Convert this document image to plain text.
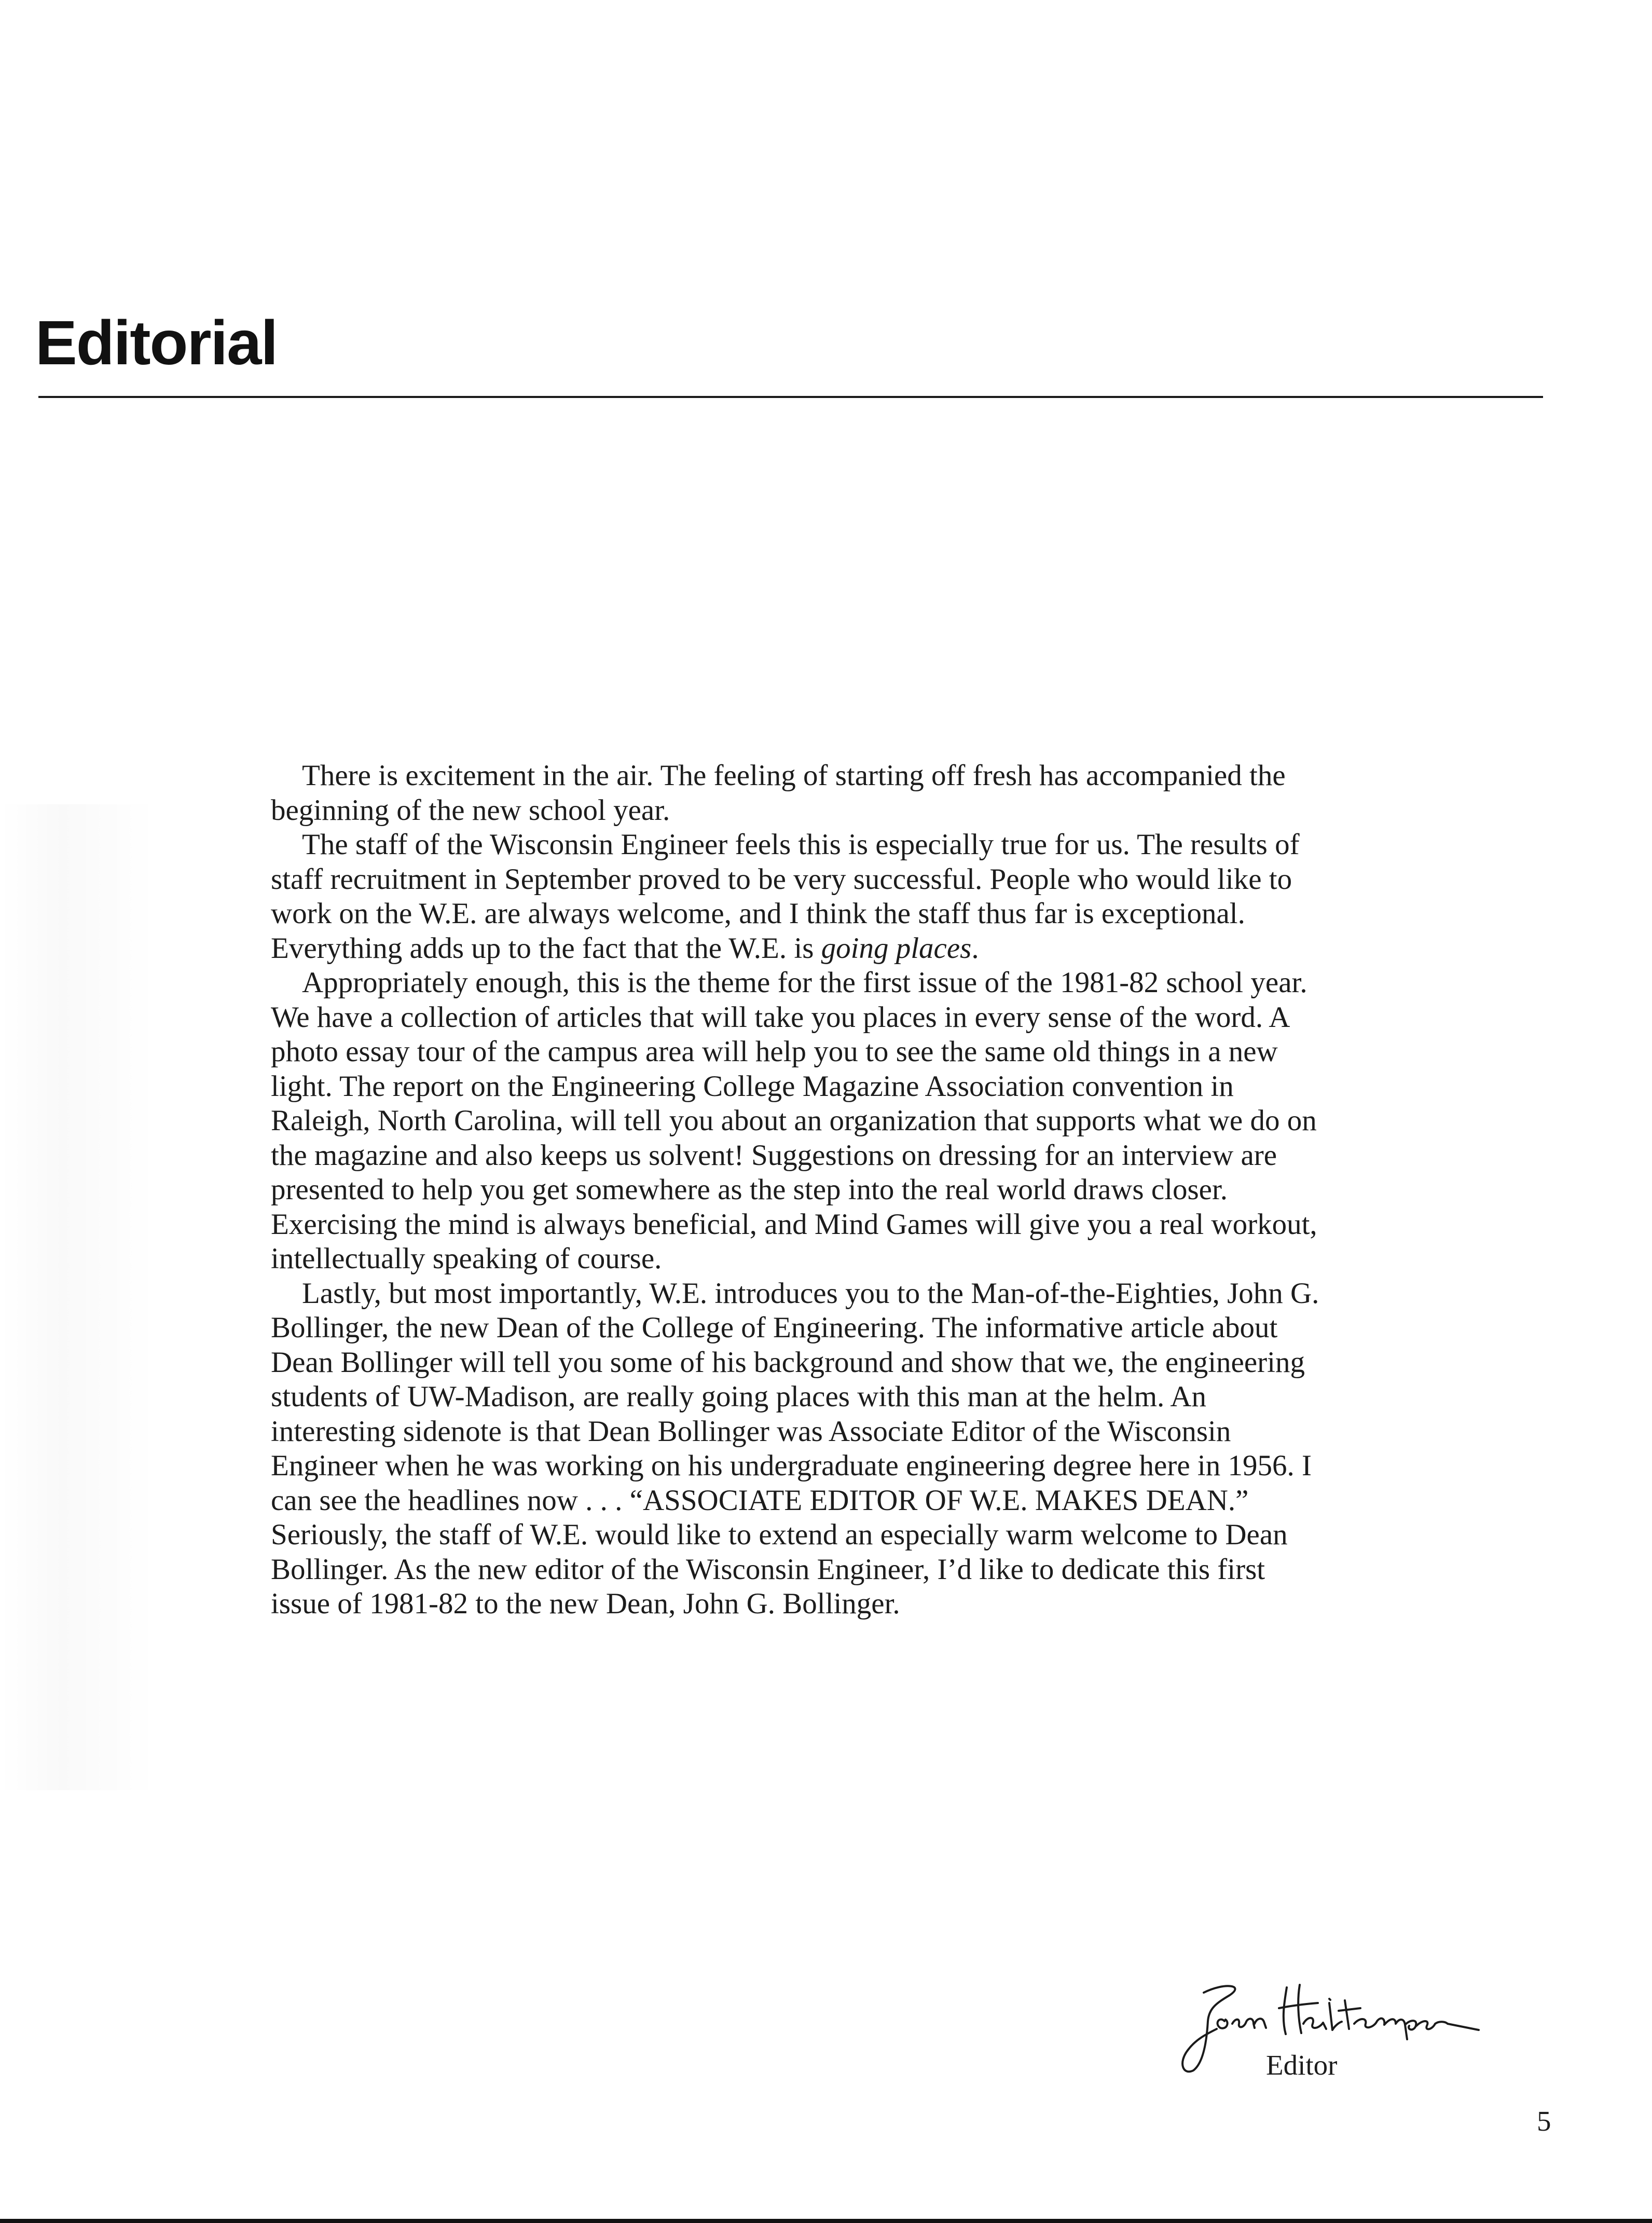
Editorial

There is excitement in the air. The feeling of starting off fresh has accompanied the beginning of the new school year.

The staff of the Wisconsin Engineer feels this is especially true for us. The results of staff recruitment in September proved to be very successful. People who would like to work on the W.E. are always welcome, and I think the staff thus far is exceptional. Everything adds up to the fact that the W.E. is going places.

Appropriately enough, this is the theme for the first issue of the 1981-82 school year. We have a collection of articles that will take you places in every sense of the word. A photo essay tour of the campus area will help you to see the same old things in a new light. The report on the Engineering College Magazine Association convention in Raleigh, North Carolina, will tell you about an organization that supports what we do on the magazine and also keeps us solvent! Suggestions on dressing for an interview are presented to help you get somewhere as the step into the real world draws closer. Exercising the mind is always beneficial, and Mind Games will give you a real workout, intellectually speaking of course.

Lastly, but most importantly, W.E. introduces you to the Man-of-the-Eighties, John G. Bollinger, the new Dean of the College of Engineering. The informative article about Dean Bollinger will tell you some of his background and show that we, the engineering students of UW-Madison, are really going places with this man at the helm. An interesting sidenote is that Dean Bollinger was Associate Editor of the Wisconsin Engineer when he was working on his undergraduate engineering degree here in 1956. I can see the headlines now . . . “ASSOCIATE EDITOR OF W.E. MAKES DEAN.” Seriously, the staff of W.E. would like to extend an especially warm welcome to Dean Bollinger. As the new editor of the Wisconsin Engineer, I’d like to dedicate this first issue of 1981-82 to the new Dean, John G. Bollinger.

Editor
5
